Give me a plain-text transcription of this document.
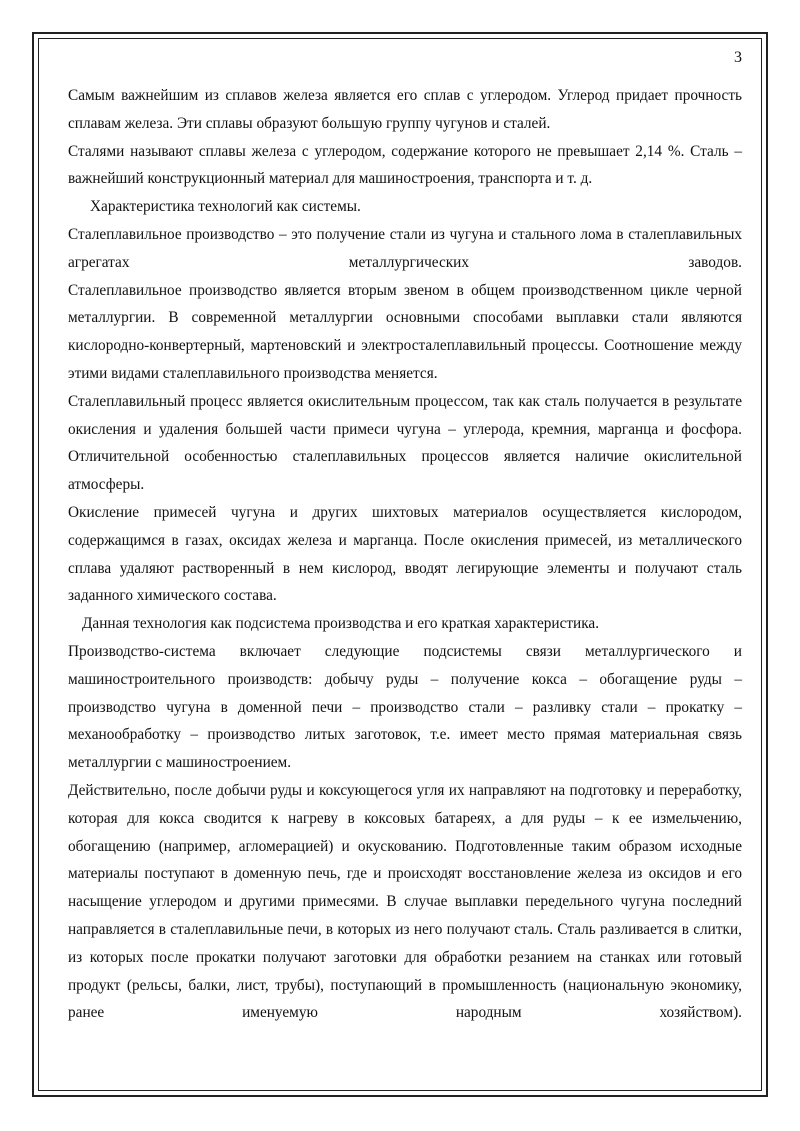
3

Самым важнейшим из сплавов железа является его сплав с углеродом. Углерод придает прочность сплавам железа. Эти сплавы образуют большую группу чугунов и сталей.

Сталями называют сплавы железа с углеродом, содержание которого не превышает 2,14 %. Сталь – важнейший конструкционный материал для машиностроения, транспорта и т. д.

Характеристика технологий как системы.

Сталеплавильное производство – это получение стали из чугуна и стального лома в сталеплавильных агрегатах металлургических заводов.

Сталеплавильное производство является вторым звеном в общем производственном цикле черной металлургии. В современной металлургии основными способами выплавки стали являются кислородно-конвертерный, мартеновский и электросталеплавильный процессы. Соотношение между этими видами сталеплавильного производства меняется.

Сталеплавильный процесс является окислительным процессом, так как сталь получается в результате окисления и удаления большей части примеси чугуна – углерода, кремния, марганца и фосфора. Отличительной особенностью сталеплавильных процессов является наличие окислительной атмосферы.

Окисление примесей чугуна и других шихтовых материалов осуществляется кислородом, содержащимся в газах, оксидах железа и марганца. После окисления примесей, из металлического сплава удаляют растворенный в нем кислород, вводят легирующие элементы и получают сталь заданного химического состава.

Данная технология как подсистема производства и его краткая характеристика.

Производство-система включает следующие подсистемы связи металлургического и машиностроительного производств: добычу руды – получение кокса – обогащение руды – производство чугуна в доменной печи – производство стали – разливку стали – прокатку – механообработку – производство литых заготовок, т.е. имеет место прямая материальная связь металлургии с машиностроением.

Действительно, после добычи руды и коксующегося угля их направляют на подготовку и переработку, которая для кокса сводится к нагреву в коксовых батареях, а для руды – к ее измельчению, обогащению (например, агломерацией) и окускованию. Подготовленные таким образом исходные материалы поступают в доменную печь, где и происходят восстановление железа из оксидов и его насыщение углеродом и другими примесями. В случае выплавки передельного чугуна последний направляется в сталеплавильные печи, в которых из него получают сталь. Сталь разливается в слитки, из которых после прокатки получают заготовки для обработки резанием на станках или готовый продукт (рельсы, балки, лист, трубы), поступающий в промышленность (национальную экономику, ранее именуемую народным хозяйством).
